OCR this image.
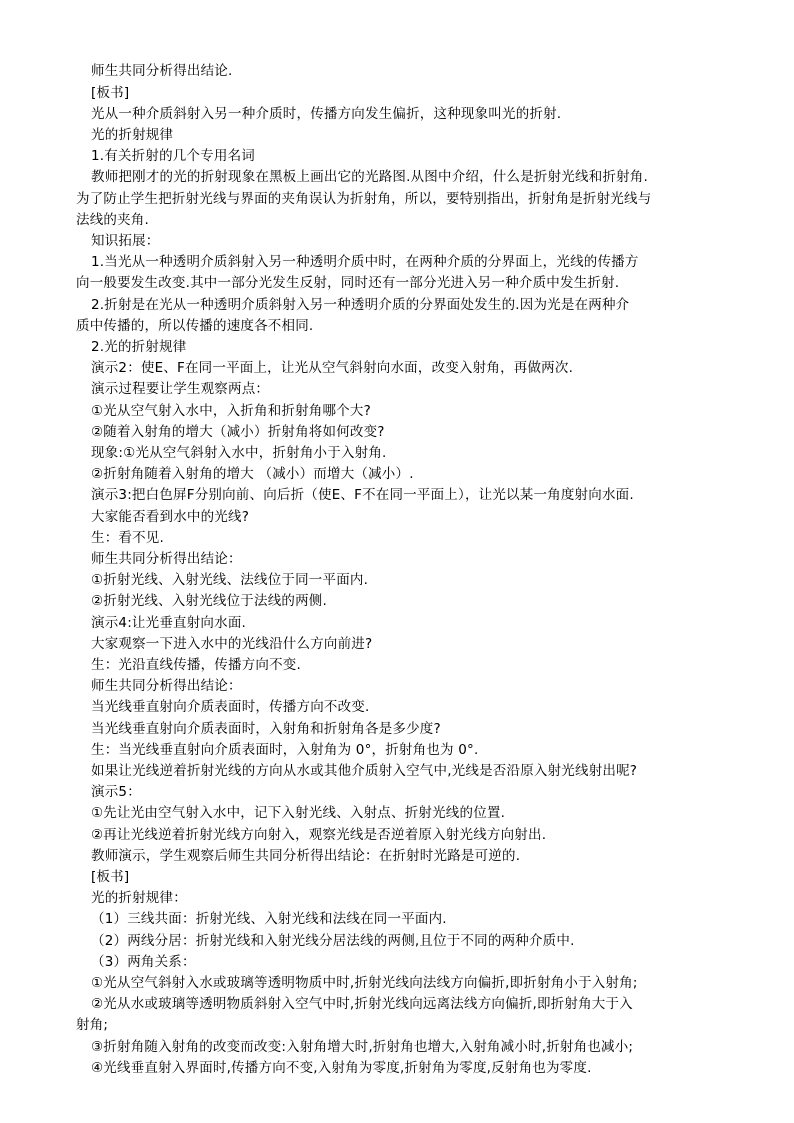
师生共同分析得出结论.
[板书]
光从一种介质斜射入另一种介质时，传播方向发生偏折，这种现象叫光的折射.
光的折射规律
1.有关折射的几个专用名词
教师把刚才的光的折射现象在黑板上画出它的光路图.从图中介绍，什么是折射光线和折射角.
为了防止学生把折射光线与界面的夹角误认为折射角，所以，要特别指出，折射角是折射光线与
法线的夹角.
知识拓展：
1.当光从一种透明介质斜射入另一种透明介质中时，在两种介质的分界面上，光线的传播方
向一般要发生改变.其中一部分光发生反射，同时还有一部分光进入另一种介质中发生折射.
2.折射是在光从一种透明介质斜射入另一种透明介质的分界面处发生的.因为光是在两种介
质中传播的，所以传播的速度各不相同.
2.光的折射规律
演示2：使E、F在同一平面上，让光从空气斜射向水面，改变入射角，再做两次.
演示过程要让学生观察两点：
①光从空气射入水中，入折角和折射角哪个大?
②随着入射角的增大（减小）折射角将如何改变?
现象:①光从空气斜射入水中，折射角小于入射角.
②折射角随着入射角的增大 （减小）而增大（减小）.
演示3:把白色屏F分别向前、向后折（使E、F不在同一平面上），让光以某一角度射向水面.
大家能否看到水中的光线?
生：看不见.
师生共同分析得出结论：
①折射光线、入射光线、法线位于同一平面内.
②折射光线、入射光线位于法线的两侧.
演示4:让光垂直射向水面.
大家观察一下进入水中的光线沿什么方向前进?
生：光沿直线传播，传播方向不变.
师生共同分析得出结论：
当光线垂直射向介质表面时，传播方向不改变.
当光线垂直射向介质表面时，入射角和折射角各是多少度?
生：当光线垂直射向介质表面时，入射角为 0°，折射角也为 0°.
如果让光线逆着折射光线的方向从水或其他介质射入空气中,光线是否沿原入射光线射出呢?
演示5：
①先让光由空气射入水中，记下入射光线、入射点、折射光线的位置.
②再让光线逆着折射光线方向射入，观察光线是否逆着原入射光线方向射出.
教师演示，学生观察后师生共同分析得出结论：在折射时光路是可逆的.
[板书]
光的折射规律：
（1）三线共面：折射光线、入射光线和法线在同一平面内.
（2）两线分居：折射光线和入射光线分居法线的两侧,且位于不同的两种介质中.
（3）两角关系：
①光从空气斜射入水或玻璃等透明物质中时,折射光线向法线方向偏折,即折射角小于入射角;
②光从水或玻璃等透明物质斜射入空气中时,折射光线向远离法线方向偏折,即折射角大于入
射角;
③折射角随入射角的改变而改变:入射角增大时,折射角也增大,入射角减小时,折射角也减小;
④光线垂直射入界面时,传播方向不变,入射角为零度,折射角为零度,反射角也为零度.
